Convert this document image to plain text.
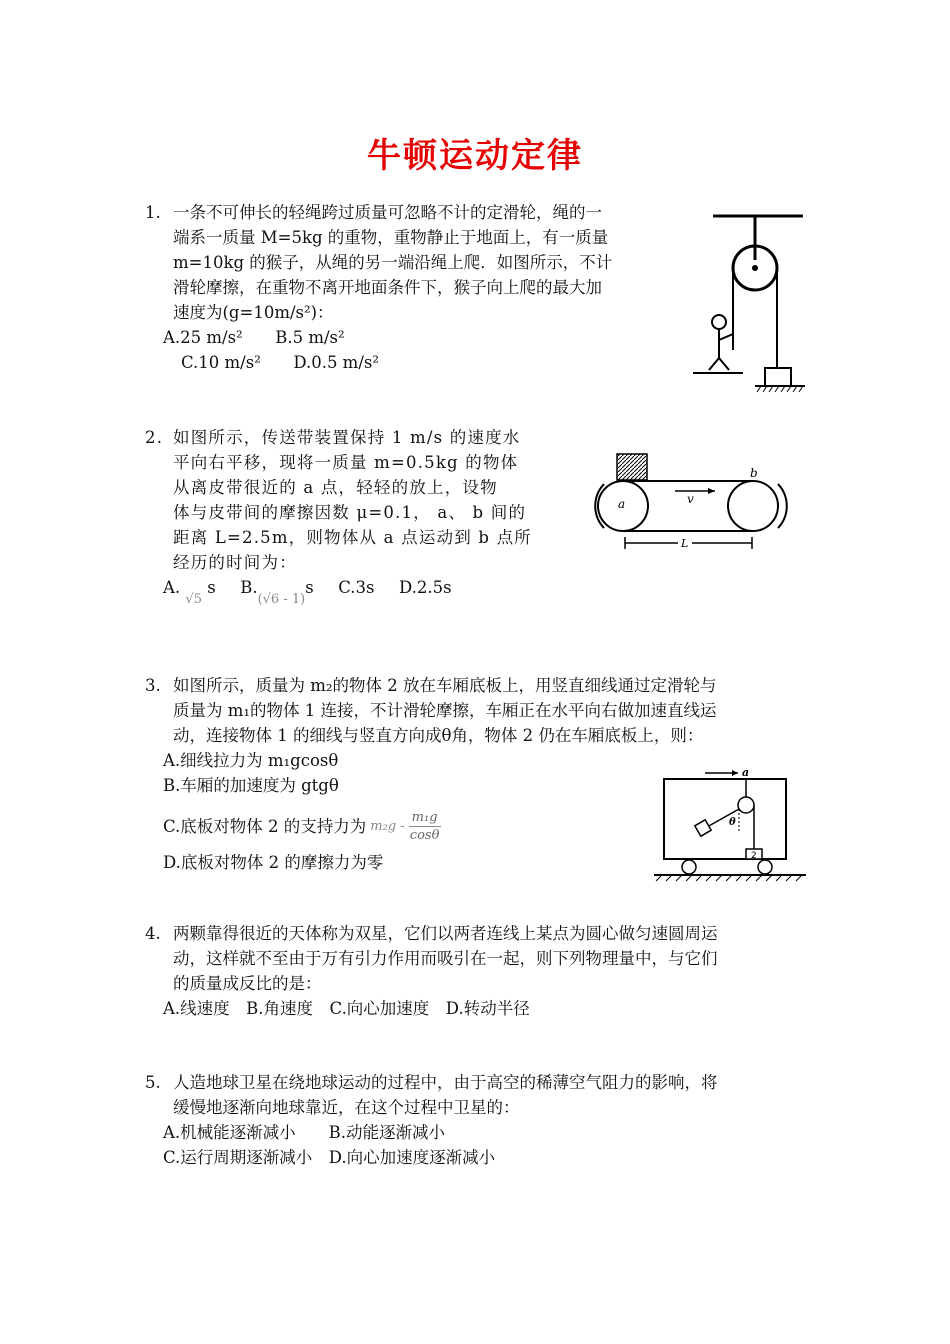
牛顿运动定律
1. 一条不可伸长的轻绳跨过质量可忽略不计的定滑轮，绳的一
端系一质量 M=5kg 的重物，重物静止于地面上，有一质量
m=10kg 的猴子，从绳的另一端沿绳上爬．如图所示，不计
滑轮摩擦，在重物不离开地面条件下，猴子向上爬的最大加
速度为(g=10m/s²)：
A.25 m/s² B.5 m/s²
C.10 m/s² D.0.5 m/s²
2. 如图所示，传送带装置保持 1 m/s 的速度水
平向右平移，现将一质量 m=0.5kg 的物体
从离皮带很近的 a 点，轻轻的放上，设物
体与皮带间的摩擦因数 μ=0.1， a、 b 间的
距离 L=2.5m，则物体从 a 点运动到 b 点所
经历的时间为：
A. $_{√5}$ s $B._{(√6 - 1)}s$ C.3s D.2.5s
a
b
v
L
3. 如图所示，质量为 m₂的物体 2 放在车厢底板上，用竖直细线通过定滑轮与
质量为 m₁的物体 1 连接，不计滑轮摩擦，车厢正在水平向右做加速直线运
动，连接物体 1 的细线与竖直方向成θ角，物体 2 仍在车厢底板上，则：
A.细线拉力为 m₁gcosθ
B.车厢的加速度为 gtgθ
C.底板对物体 2 的支持力为 $m_2g - \frac{\text{m₁g}}{\cos\theta}$
D.底板对物体 2 的摩擦力为零
a
θ
2
4. 两颗靠得很近的天体称为双星，它们以两者连线上某点为圆心做匀速圆周运
动，这样就不至由于万有引力作用而吸引在一起，则下列物理量中，与它们
的质量成反比的是：
A.线速度　B.角速度　C.向心加速度　D.转动半径
5. 人造地球卫星在绕地球运动的过程中，由于高空的稀薄空气阻力的影响，将
缓慢地逐渐向地球靠近，在这个过程中卫星的：
A.机械能逐渐减小　　B.动能逐渐减小
C.运行周期逐渐减小　D.向心加速度逐渐减小
